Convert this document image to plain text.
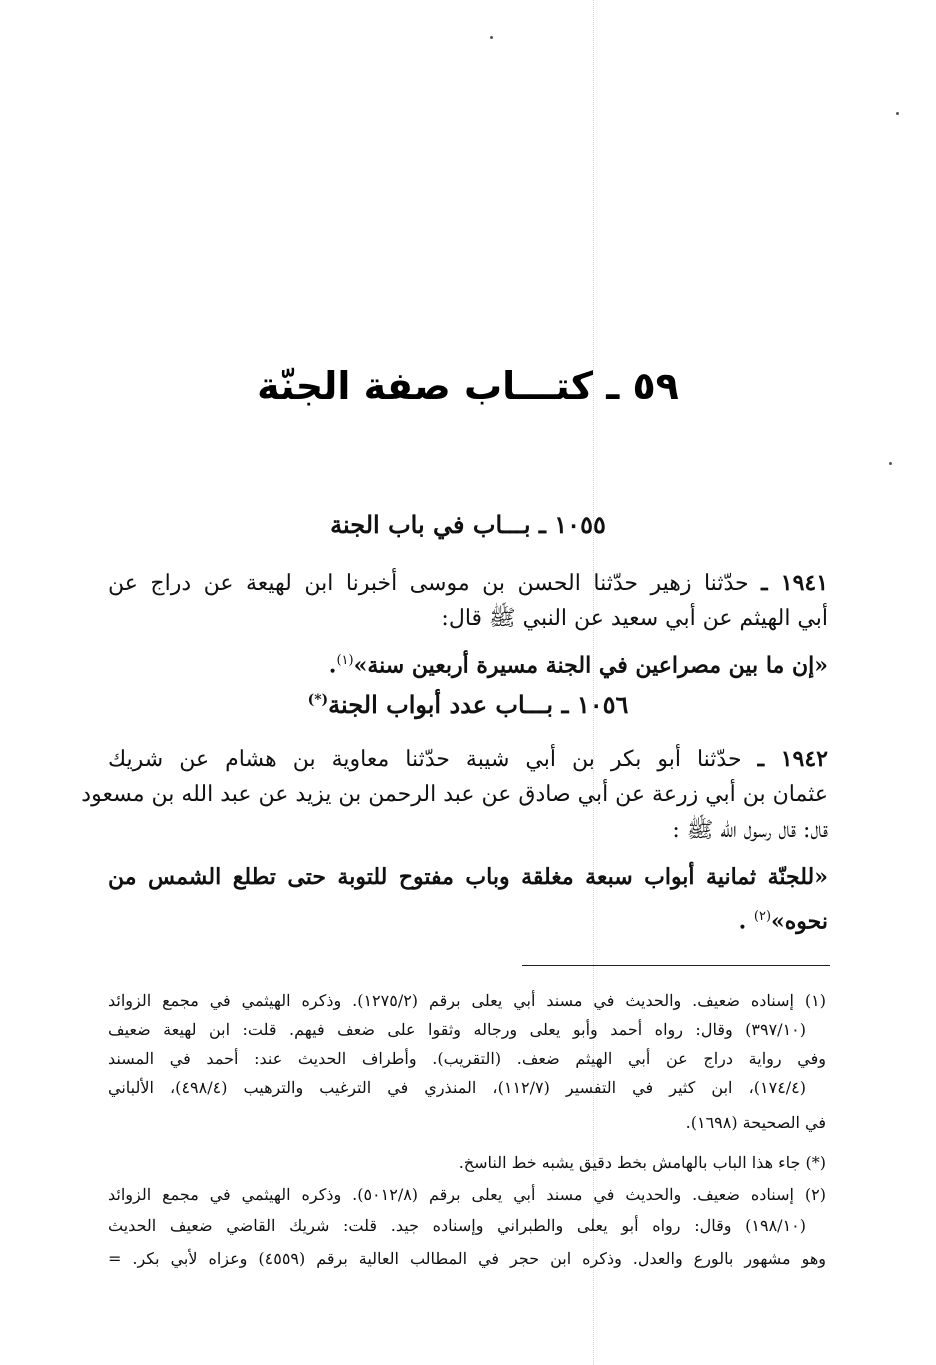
٥٩ ـ كتـــاب صفة الجنّة
١٠٥٥ ـ بـــاب في باب الجنة
١٩٤١ ـ حدّثنا زهير حدّثنا الحسن بن موسى أخبرنا ابن لهيعة عن دراج عن
أبي الهيثم عن أبي سعيد عن النبي ﷺ قال:
«إن ما بين مصراعين في الجنة مسيرة أربعين سنة»$^{(١)}$.
١٠٥٦ ـ بـــاب عدد أبواب الجنة(*)
١٩٤٢ ـ حدّثنا أبو بكر بن أبي شيبة حدّثنا معاوية بن هشام عن شريك
عثمان بن أبي زرعة عن أبي صادق عن عبد الرحمن بن يزيد عن عبد الله بن مسعود
قال: قال رسول الله ﷺ :
«للجنّة ثمانية أبواب سبعة مغلقة وباب مفتوح للتوبة حتى تطلع الشمس من
نحوه»$^{(٢)}$ .
(١) إسناده ضعيف. والحديث في مسند أبي يعلى برقم (١٢٧٥/٢). وذكره الهيثمي في مجمع الزوائد
(٣٩٧/١٠) وقال: رواه أحمد وأبو يعلى ورجاله وثقوا على ضعف فيهم. قلت: ابن لهيعة ضعيف
وفي رواية دراج عن أبي الهيثم ضعف. (التقريب). وأطراف الحديث عند: أحمد في المسند
(١٧٤/٤)، ابن كثير في التفسير (١١٢/٧)، المنذري في الترغيب والترهيب (٤٩٨/٤)، الألباني
في الصحيحة (١٦٩٨).
(*) جاء هذا الباب بالهامش بخط دقيق يشبه خط الناسخ.
(٢) إسناده ضعيف. والحديث في مسند أبي يعلى برقم (٥٠١٢/٨). وذكره الهيثمي في مجمع الزوائد
(١٩٨/١٠) وقال: رواه أبو يعلى والطبراني وإسناده جيد. قلت: شريك القاضي ضعيف الحديث
وهو مشهور بالورع والعدل. وذكره ابن حجر في المطالب العالية برقم (٤٥٥٩) وعزاه لأبي بكر. =
